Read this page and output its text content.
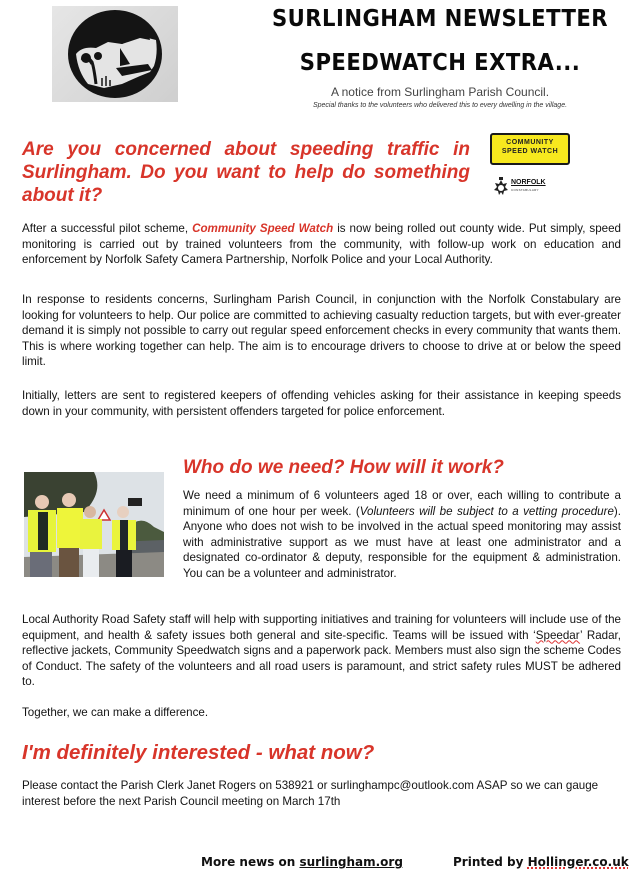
SURLINGHAM NEWSLETTER
SPEEDWATCH EXTRA...
A notice from Surlingham Parish Council.
Special thanks to the volunteers who delivered this to every dwelling in the village.
Are you concerned about speeding traffic in Surlingham. Do you want to help do something about it?
COMMUNITY
SPEED WATCH
NORFOLK
CONSTABULARY
After a successful pilot scheme, Community Speed Watch is now being rolled out county wide. Put simply, speed monitoring is carried out by trained volunteers from the community, with follow-up work on education and enforcement by Norfolk Safety Camera Partnership, Norfolk Police and your Local Authority.
In response to residents concerns, Surlingham Parish Council, in conjunction with the Norfolk Constabulary are looking for volunteers to help. Our police are committed to achieving casualty reduction targets, but with ever-greater demand it is simply not possible to carry out regular speed enforcement checks in every community that wants them. This is where working together can help. The aim is to encourage drivers to choose to drive at or below the speed limit.
Initially, letters are sent to registered keepers of offending vehicles asking for their assistance in keeping speeds down in your community, with persistent offenders targeted for police enforcement.
Who do we need? How will it work?
We need a minimum of 6 volunteers aged 18 or over, each willing to contribute a minimum of one hour per week. (Volunteers will be subject to a vetting procedure). Anyone who does not wish to be involved in the actual speed monitoring may assist with administrative support as we must have at least one administrator and a designated co-ordinator & deputy, responsible for the equipment & administration. You can be a volunteer and administrator.
Local Authority Road Safety staff will help with supporting initiatives and training for volunteers will include use of the equipment, and health & safety issues both general and site-specific. Teams will be issued with ‘Speedar’ Radar, reflective jackets, Community Speedwatch signs and a paperwork pack. Members must also sign the scheme Codes of Conduct. The safety of the volunteers and all road users is paramount, and strict safety rules MUST be adhered to.
Together, we can make a difference.
I'm definitely interested - what now?
Please contact the Parish Clerk Janet Rogers on 538921 or surlinghampc@outlook.com ASAP so we can gauge interest before the next Parish Council meeting on March 17th
More news on surlingham.org	Printed by Hollinger.co.uk
